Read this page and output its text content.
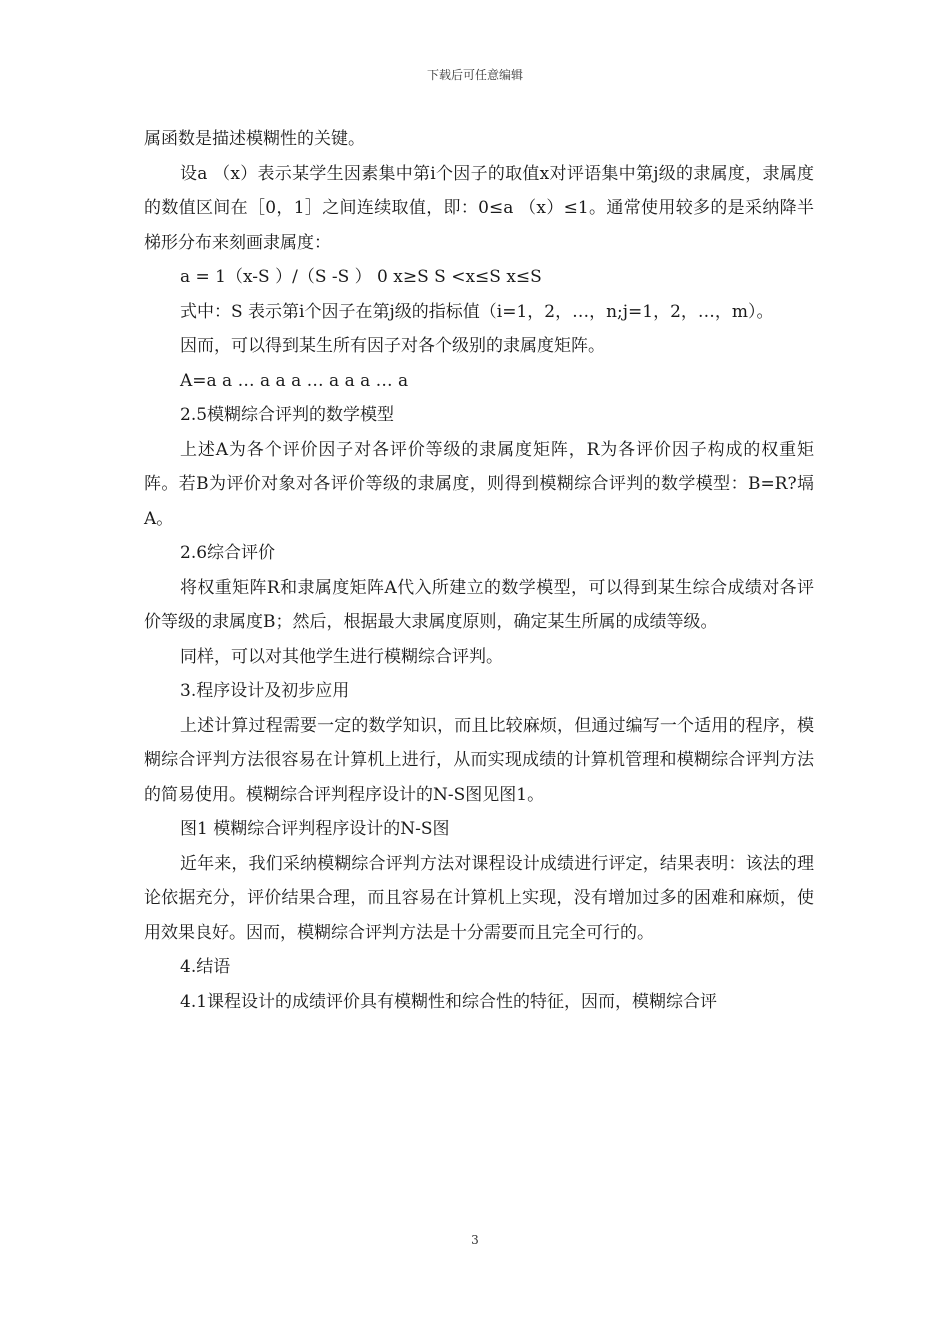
下载后可任意编辑

属函数是描述模糊性的关键。

设a （x）表示某学生因素集中第i个因子的取值x对评语集中第j级的隶属度，隶属度的数值区间在［0，1］之间连续取值，即：0≤a （x）≤1。通常使用较多的是采纳降半梯形分布来刻画隶属度：

a = 1（x-S ）/（S -S ） 0 x≥S S <x≤S x≤S

式中：S 表示第i个因子在第j级的指标值（i=1，2，…，n;j=1，2，…，m）。

因而，可以得到某生所有因子对各个级别的隶属度矩阵。

A=a a … a a a … a a a … a

2.5模糊综合评判的数学模型

上述A为各个评价因子对各评价等级的隶属度矩阵，R为各评价因子构成的权重矩阵。若B为评价对象对各评价等级的隶属度，则得到模糊综合评判的数学模型：B=R?塥A。

2.6综合评价

将权重矩阵R和隶属度矩阵A代入所建立的数学模型，可以得到某生综合成绩对各评价等级的隶属度B；然后，根据最大隶属度原则，确定某生所属的成绩等级。

同样，可以对其他学生进行模糊综合评判。

3.程序设计及初步应用

上述计算过程需要一定的数学知识，而且比较麻烦，但通过编写一个适用的程序，模糊综合评判方法很容易在计算机上进行，从而实现成绩的计算机管理和模糊综合评判方法的简易使用。模糊综合评判程序设计的N-S图见图1。

图1 模糊综合评判程序设计的N-S图

近年来，我们采纳模糊综合评判方法对课程设计成绩进行评定，结果表明：该法的理论依据充分，评价结果合理，而且容易在计算机上实现，没有增加过多的困难和麻烦，使用效果良好。因而，模糊综合评判方法是十分需要而且完全可行的。

4.结语

4.1课程设计的成绩评价具有模糊性和综合性的特征，因而，模糊综合评

3
